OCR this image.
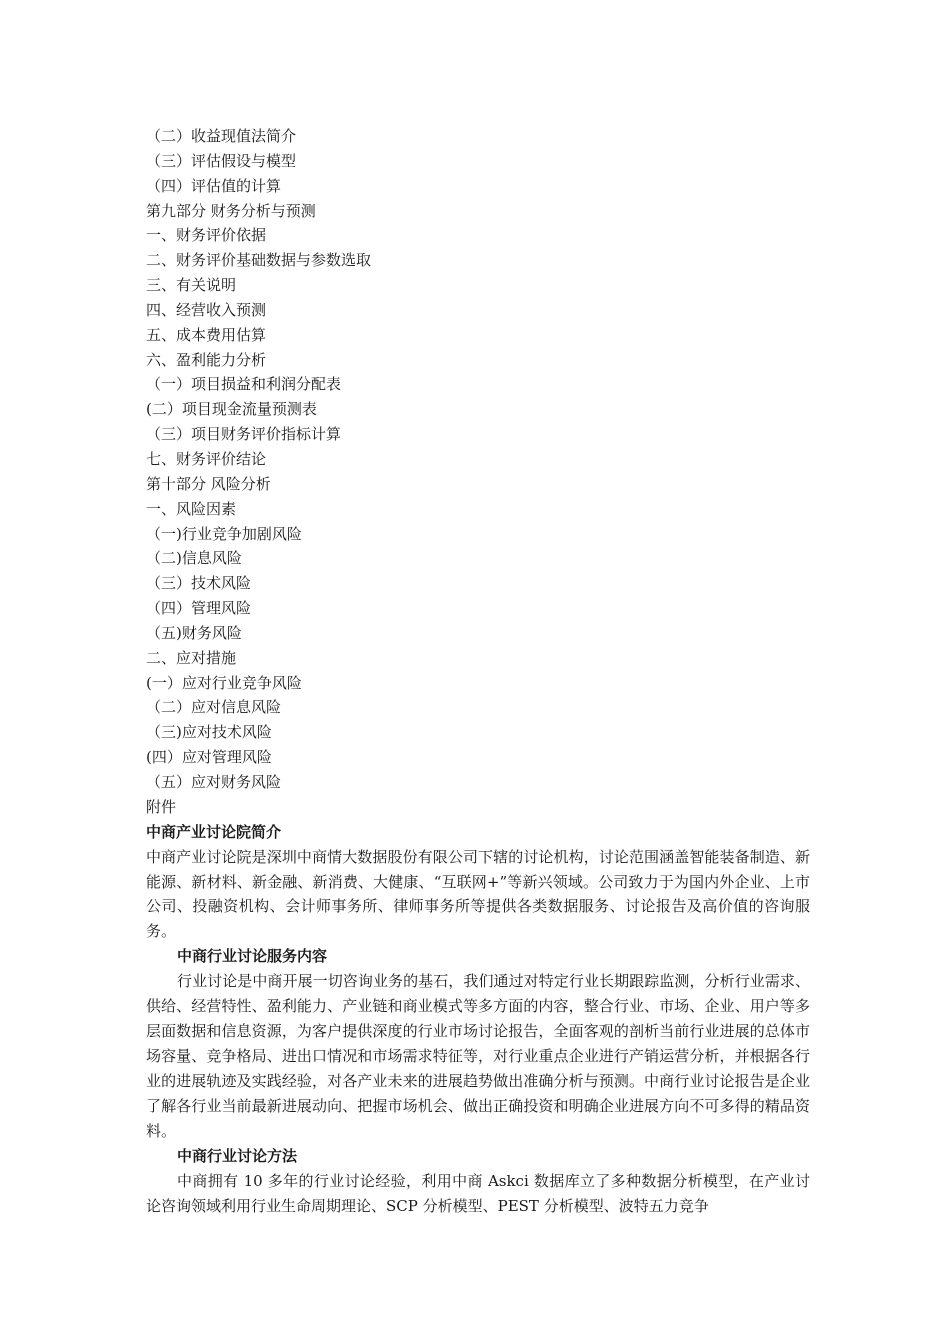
（二）收益现值法简介
（三）评估假设与模型
（四）评估值的计算
第九部分 财务分析与预测
一、财务评价依据
二、财务评价基础数据与参数选取
三、有关说明
四、经营收入预测
五、成本费用估算
六、盈利能力分析
（一）项目损益和利润分配表
(二）项目现金流量预测表
（三）项目财务评价指标计算
七、财务评价结论
第十部分 风险分析
一、风险因素
（一)行业竞争加剧风险
（二)信息风险
（三）技术风险
（四）管理风险
（五)财务风险
二、应对措施
(一）应对行业竞争风险
（二）应对信息风险
（三)应对技术风险
(四）应对管理风险
（五）应对财务风险
附件
中商产业讨论院简介

中商产业讨论院是深圳中商情大数据股份有限公司下辖的讨论机构，讨论范围涵盖智能装备制造、新能源、新材料、新金融、新消费、大健康、“互联网+”等新兴领域。公司致力于为国内外企业、上市公司、投融资机构、会计师事务所、律师事务所等提供各类数据服务、讨论报告及高价值的咨询服务。

中商行业讨论服务内容

行业讨论是中商开展一切咨询业务的基石，我们通过对特定行业长期跟踪监测，分析行业需求、供给、经营特性、盈利能力、产业链和商业模式等多方面的内容，整合行业、市场、企业、用户等多层面数据和信息资源，为客户提供深度的行业市场讨论报告，全面客观的剖析当前行业进展的总体市场容量、竞争格局、进出口情况和市场需求特征等，对行业重点企业进行产销运营分析，并根据各行业的进展轨迹及实践经验，对各产业未来的进展趋势做出准确分析与预测。中商行业讨论报告是企业了解各行业当前最新进展动向、把握市场机会、做出正确投资和明确企业进展方向不可多得的精品资料。

中商行业讨论方法

中商拥有 10 多年的行业讨论经验，利用中商 Askci 数据库立了多种数据分析模型，在产业讨论咨询领域利用行业生命周期理论、SCP 分析模型、PEST 分析模型、波特五力竞争
